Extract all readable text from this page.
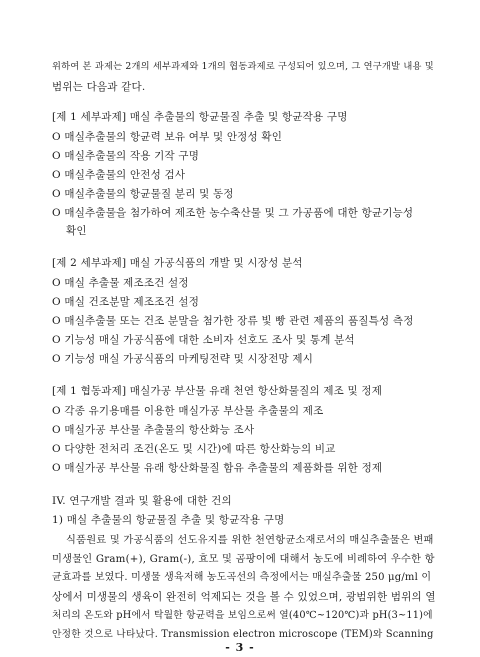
위하여 본 과제는 2개의 세부과제와 1개의 협동과제로 구성되어 있으며, 그 연구개발 내용 및
범위는 다음과 같다.
[제 1 세부과제] 매실 추출물의 항균물질 추출 및 항균작용 구명
O 매실추출물의 항균력 보유 여부 및 안정성 확인
O 매실추출물의 작용 기작 구명
O 매실추출물의 안전성 검사
O 매실추출물의 항균물질 분리 및 동정
O 매실추출물을 첨가하여 제조한 농수축산물 및 그 가공품에 대한 항균기능성
확인
[제 2 세부과제] 매실 가공식품의 개발 및 시장성 분석
O 매실 추출물 제조조건 설정
O 매실 건조분말 제조조건 설정
O 매실추출물 또는 건조 분말을 첨가한 장류 빛 빵 관련 제품의 품질특성 측정
O 기능성 매실 가공식품에 대한 소비자 선호도 조사 및 통계 분석
O 기능성 매실 가공식품의 마케팅전략 및 시장전망 제시
[제 1 협동과제] 매실가공 부산물 유래 천연 항산화물질의 제조 및 정제
O 각종 유기용매를 이용한 매실가공 부산물 추출물의 제조
O 매실가공 부산물 추출물의 항산화능 조사
O 다양한 전처리 조건(온도 및 시간)에 따른 항산화능의 비교
O 매실가공 부산물 유래 항산화물질 함유 추출물의 제품화를 위한 정제
IV. 연구개발 결과 및 활용에 대한 건의
1) 매실 추출물의 항균물질 추출 및 항균작용 구명
식품원료 및 가공식품의 선도유지를 위한 천연항균소재로서의 매실추출물은 변패
미생물인 Gram(+), Gram(-), 효모 및 곰팡이에 대해서 농도에 비례하여 우수한 항
균효과를 보였다. 미생물 생육저해 농도곡선의 측정에서는 매실추출물 250 μg/ml 이
상에서 미생물의 생육이 완전히 억제되는 것을 볼 수 있었으며, 광범위한 범위의 열
처리의 온도와 pH에서 탁월한 항균력을 보임으로써 열(40℃~120℃)과 pH(3~11)에
안정한 것으로 나타났다. Transmission electron microscope (TEM)와 Scanning
- 3 -
